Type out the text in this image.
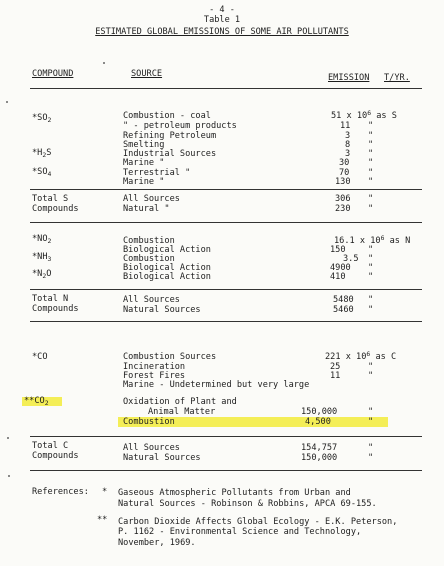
- 4 -
Table 1
ESTIMATED GLOBAL EMISSIONS OF SOME AIR POLLUTANTS
COMPOUND	SOURCE	EMISSION T/YR.
$*SO_2$
$*H_2S$
$*SO_4$
Combustion - coal
" - petroleum products
Refining Petroleum
Smelting
Industrial Sources
Marine "
Terrestrial "
Marine "
51 x $10^6$ as S
11
3
8
3
30
70
130
"
"
"
"
"
"
"
Total S
Compounds
All Sources
Natural "
306
230
"
"
$*NO_2$
$*NH_3$
$*N_2O$
Combustion
Biological Action
Combustion
Biological Action
Biological Action
16.1 x $10^6$ as N
150
3.5
4900
410
"
"
"
"
Total N
Compounds
All Sources
Natural Sources
5480
5460
"
"
*CO
$**CO_2$
Combustion Sources
Incineration
Forest Fires
Marine - Undetermined but very large
Oxidation of Plant and
Animal Matter
Combustion
221 x $10^6$ as C
25
11
150,000
4,500
"
"
"
"
Total C
Compounds
All Sources
Natural Sources
154,757
150,000
"
"
References: * Gaseous Atmospheric Pollutants from Urban and
Natural Sources - Robinson & Robbins, APCA 69-155.
** Carbon Dioxide Affects Global Ecology - E.K. Peterson,
P. 1162 - Environmental Science and Technology,
November, 1969.
